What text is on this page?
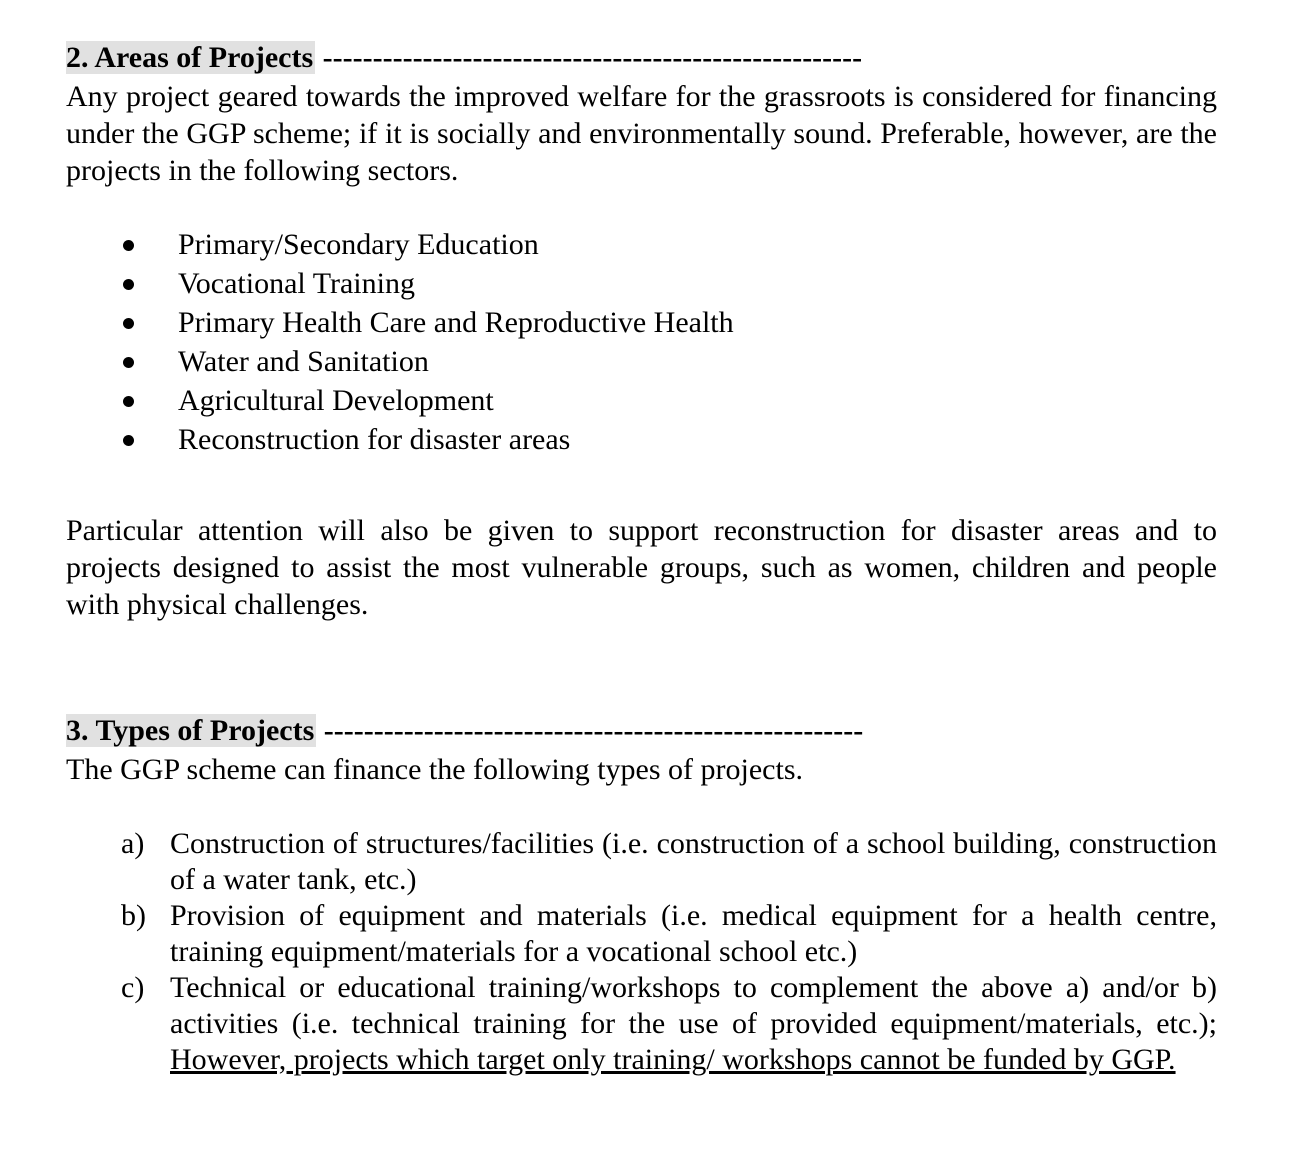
2. Areas of Projects ------------------------------------------------------

Any project geared towards the improved welfare for the grassroots is considered for financing under the GGP scheme; if it is socially and environmentally sound. Preferable, however, are the projects in the following sectors.

Primary/Secondary Education
Vocational Training
Primary Health Care and Reproductive Health
Water and Sanitation
Agricultural Development
Reconstruction for disaster areas

Particular attention will also be given to support reconstruction for disaster areas and to projects designed to assist the most vulnerable groups, such as women, children and people with physical challenges.

3. Types of Projects ------------------------------------------------------

The GGP scheme can finance the following types of projects.

a) Construction of structures/facilities (i.e. construction of a school building, construction of a water tank, etc.)
b) Provision of equipment and materials (i.e. medical equipment for a health centre, training equipment/materials for a vocational school etc.)
c) Technical or educational training/workshops to complement the above a) and/or b) activities (i.e. technical training for the use of provided equipment/materials, etc.); However, projects which target only training/ workshops cannot be funded by GGP.
